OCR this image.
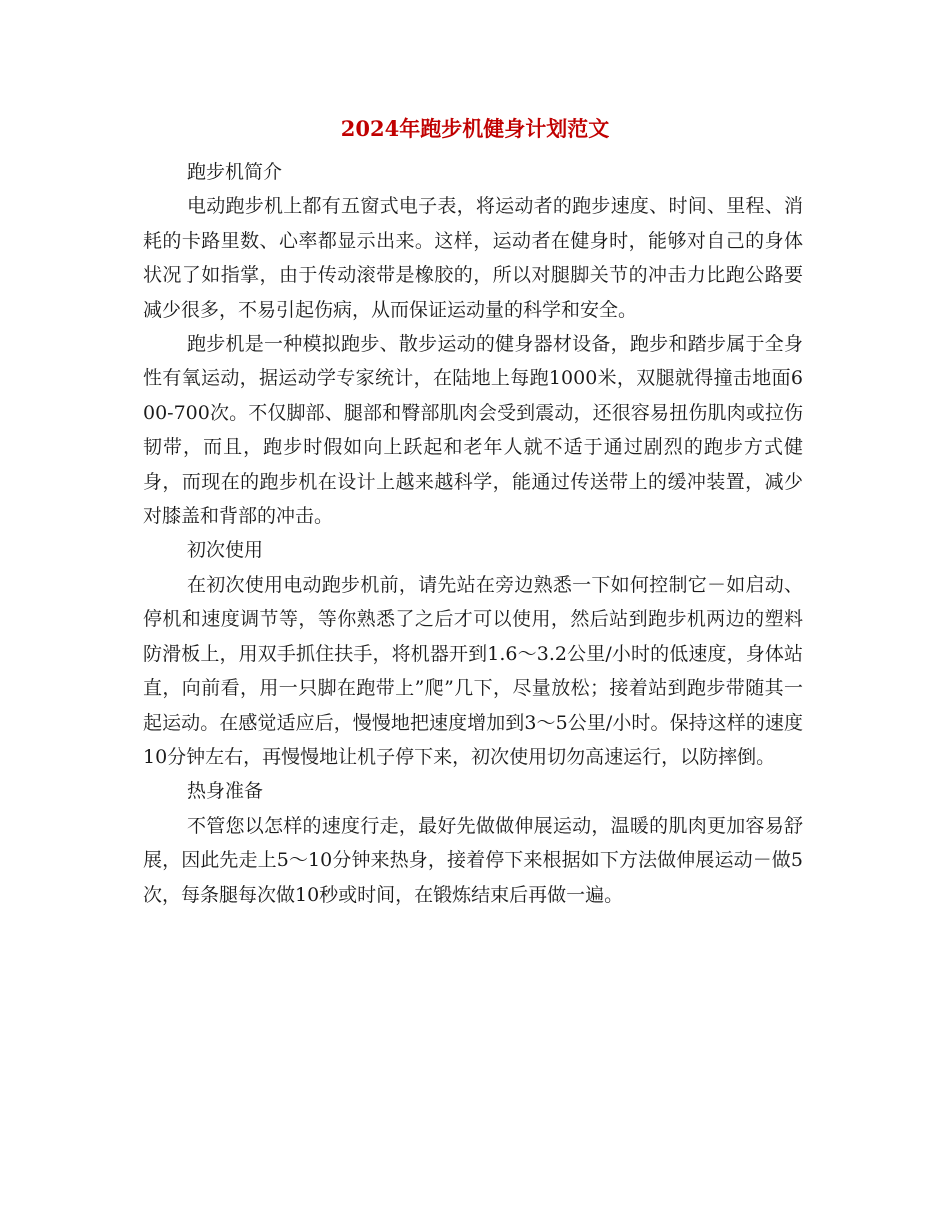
2024年跑步机健身计划范文

跑步机简介

电动跑步机上都有五窗式电子表，将运动者的跑步速度、时间、里程、消耗的卡路里数、心率都显示出来。这样，运动者在健身时，能够对自己的身体状况了如指掌，由于传动滚带是橡胶的，所以对腿脚关节的冲击力比跑公路要减少很多，不易引起伤病，从而保证运动量的科学和安全。

跑步机是一种模拟跑步、散步运动的健身器材设备，跑步和踏步属于全身性有氧运动，据运动学专家统计，在陆地上每跑1000米，双腿就得撞击地面600-700次。不仅脚部、腿部和臀部肌肉会受到震动，还很容易扭伤肌肉或拉伤韧带，而且，跑步时假如向上跃起和老年人就不适于通过剧烈的跑步方式健身，而现在的跑步机在设计上越来越科学，能通过传送带上的缓冲装置，减少对膝盖和背部的冲击。

初次使用

在初次使用电动跑步机前，请先站在旁边熟悉一下如何控制它－如启动、停机和速度调节等，等你熟悉了之后才可以使用，然后站到跑步机两边的塑料防滑板上，用双手抓住扶手，将机器开到1.6～3.2公里/小时的低速度，身体站直，向前看，用一只脚在跑带上”爬”几下，尽量放松；接着站到跑步带随其一起运动。在感觉适应后，慢慢地把速度增加到3～5公里/小时。保持这样的速度10分钟左右，再慢慢地让机子停下来，初次使用切勿高速运行，以防摔倒。

热身准备

不管您以怎样的速度行走，最好先做做伸展运动，温暖的肌肉更加容易舒展，因此先走上5～10分钟来热身，接着停下来根据如下方法做伸展运动－做5次，每条腿每次做10秒或时间，在锻炼结束后再做一遍。
